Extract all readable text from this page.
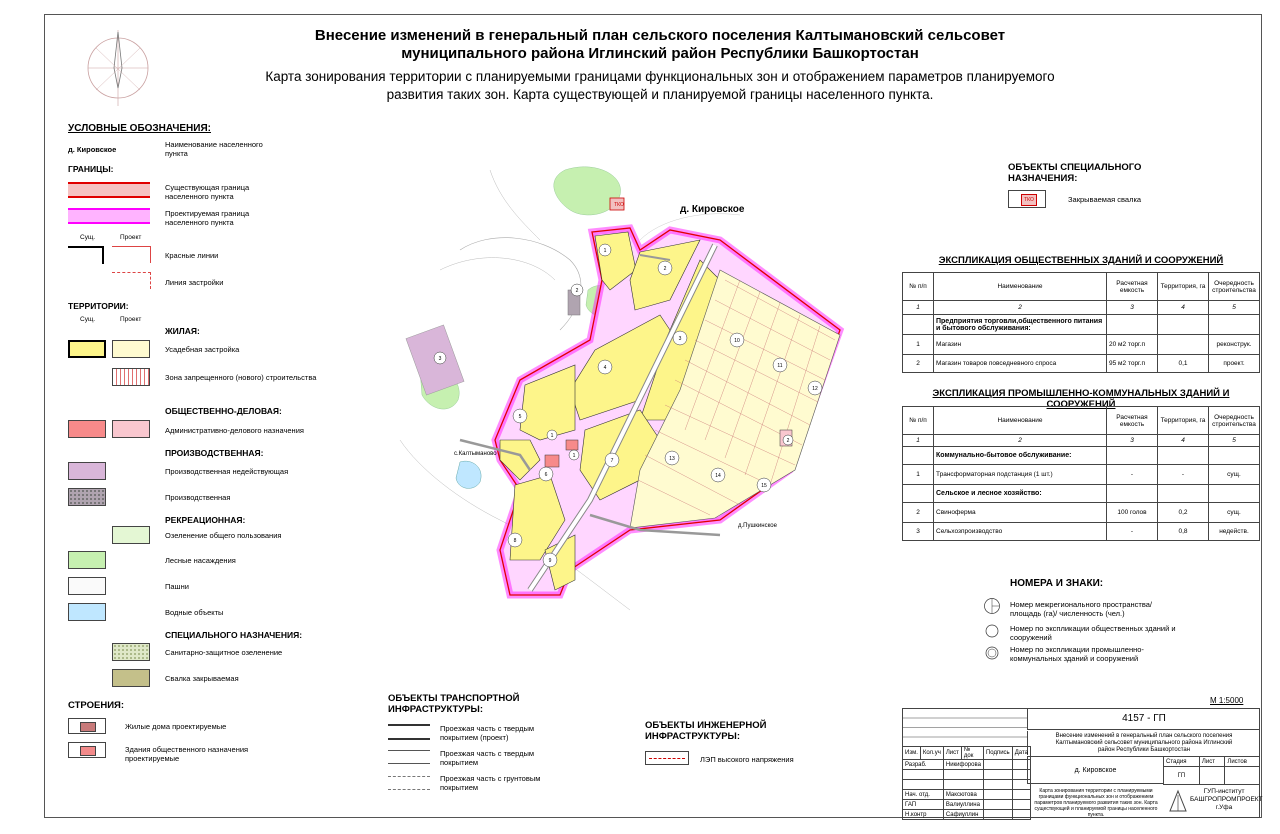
Внесение изменений в генеральный план сельского поселения Калтымановский сельсовет
муниципального района Иглинский район Республики Башкортостан
Карта зонирования территории с планируемыми границами функциональных зон и отображением параметров планируемого
развития таких зон. Карта существующей и планируемой границы населенного пункта.
УСЛОВНЫЕ ОБОЗНАЧЕНИЯ:
д. Кировское
Наименование населенного пункта
ГРАНИЦЫ:
Существующая граница населенного пункта
Проектируемая граница населенного пункта
Сущ.	Проект
Красные линии
Линия застройки
ТЕРРИТОРИИ:
Сущ.	Проект
ЖИЛАЯ:
Усадебная застройка
Зона запрещенного (нового) строительства
ОБЩЕСТВЕННО-ДЕЛОВАЯ:
Административно-делового назначения
ПРОИЗВОДСТВЕННАЯ:
Производственная недействующая
Производственная
РЕКРЕАЦИОННАЯ:
Озеленение общего пользования
Лесные насаждения
Пашни
Водные объекты
СПЕЦИАЛЬНОГО НАЗНАЧЕНИЯ:
Санитарно-защитное озеленение
Свалка закрываемая
СТРОЕНИЯ:
Жилые дома проектируемые
Здания общественного назначения проектируемые
ОБЪЕКТЫ ТРАНСПОРТНОЙ ИНФРАСТРУКТУРЫ:
Проезжая часть с твердым покрытием (проект)
Проезжая часть с твердым покрытием
Проезжая часть с грунтовым покрытием
ОБЪЕКТЫ ИНЖЕНЕРНОЙ ИНФРАСТРУКТУРЫ:
ЛЭП высокого напряжения
ОБЪЕКТЫ СПЕЦИАЛЬНОГО НАЗНАЧЕНИЯ:
ТКО	Закрываемая свалка
1
2
3
4
5
6
7
8
9
10
11
12
13
14
15
3
2
1
1
2
д. Кировское
с.Калтыманово
д.Пушкинское
ТКО
ЭКСПЛИКАЦИЯ ОБЩЕСТВЕННЫХ ЗДАНИЙ И СООРУЖЕНИЙ
№ п/п	Наименование	Расчетная емкость	Территория, га	Очередность строительства
1	2	3	4	5
	Предприятия торговли,общественного питания и бытового обслуживания:			
1	Магазин	20 м2 торг.п		реконструк.
2	Магазин товаров повседневного спроса	95 м2 торг.п	0,1	проект.
ЭКСПЛИКАЦИЯ ПРОМЫШЛЕННО-КОММУНАЛЬНЫХ ЗДАНИЙ И СООРУЖЕНИЙ
№ п/п	Наименование	Расчетная емкость	Территория, га	Очередность строительства
1	2	3	4	5
	Коммунально-бытовое обслуживание:			
1	Трансформаторная подстанция (1 шт.)	-	-	сущ.
	Сельское и лесное хозяйство:			
2	Свиноферма	100 голов	0,2	сущ.
3	Сельхозпроизводство	-	0,8	недейств.
НОМЕРА И ЗНАКИ:
Номер межрегионального пространства/ площадь (га)/ численность (чел.)
Номер по экспликации общественных зданий и сооружений
Номер по экспликации промышленно-коммунальных зданий и сооружений
М 1:5000
4157 - ГП
Внесение изменений в генеральный план сельского поселения Калтымановский сельсовет муниципального района Иглинский район Республики Башкортостан
Изм.	Кол.уч	Лист	№ док	Подпись	Дата
Разраб.		Никифорова			

Нач. отд.		Максютова			
ГАП		Валиуллина			
Н.контр		Сафиуллин			
д. Кировское
Стадия	Лист	Листов
ГП		
Карта зонирования территории с планируемыми границами функциональных зон и отображением параметров планируемого развития таких зон. Карта существующей и планируемой границы населенного пункта.
ГУП-институт
БАШГРОПРОМПРОЕКТ
г.Уфа
